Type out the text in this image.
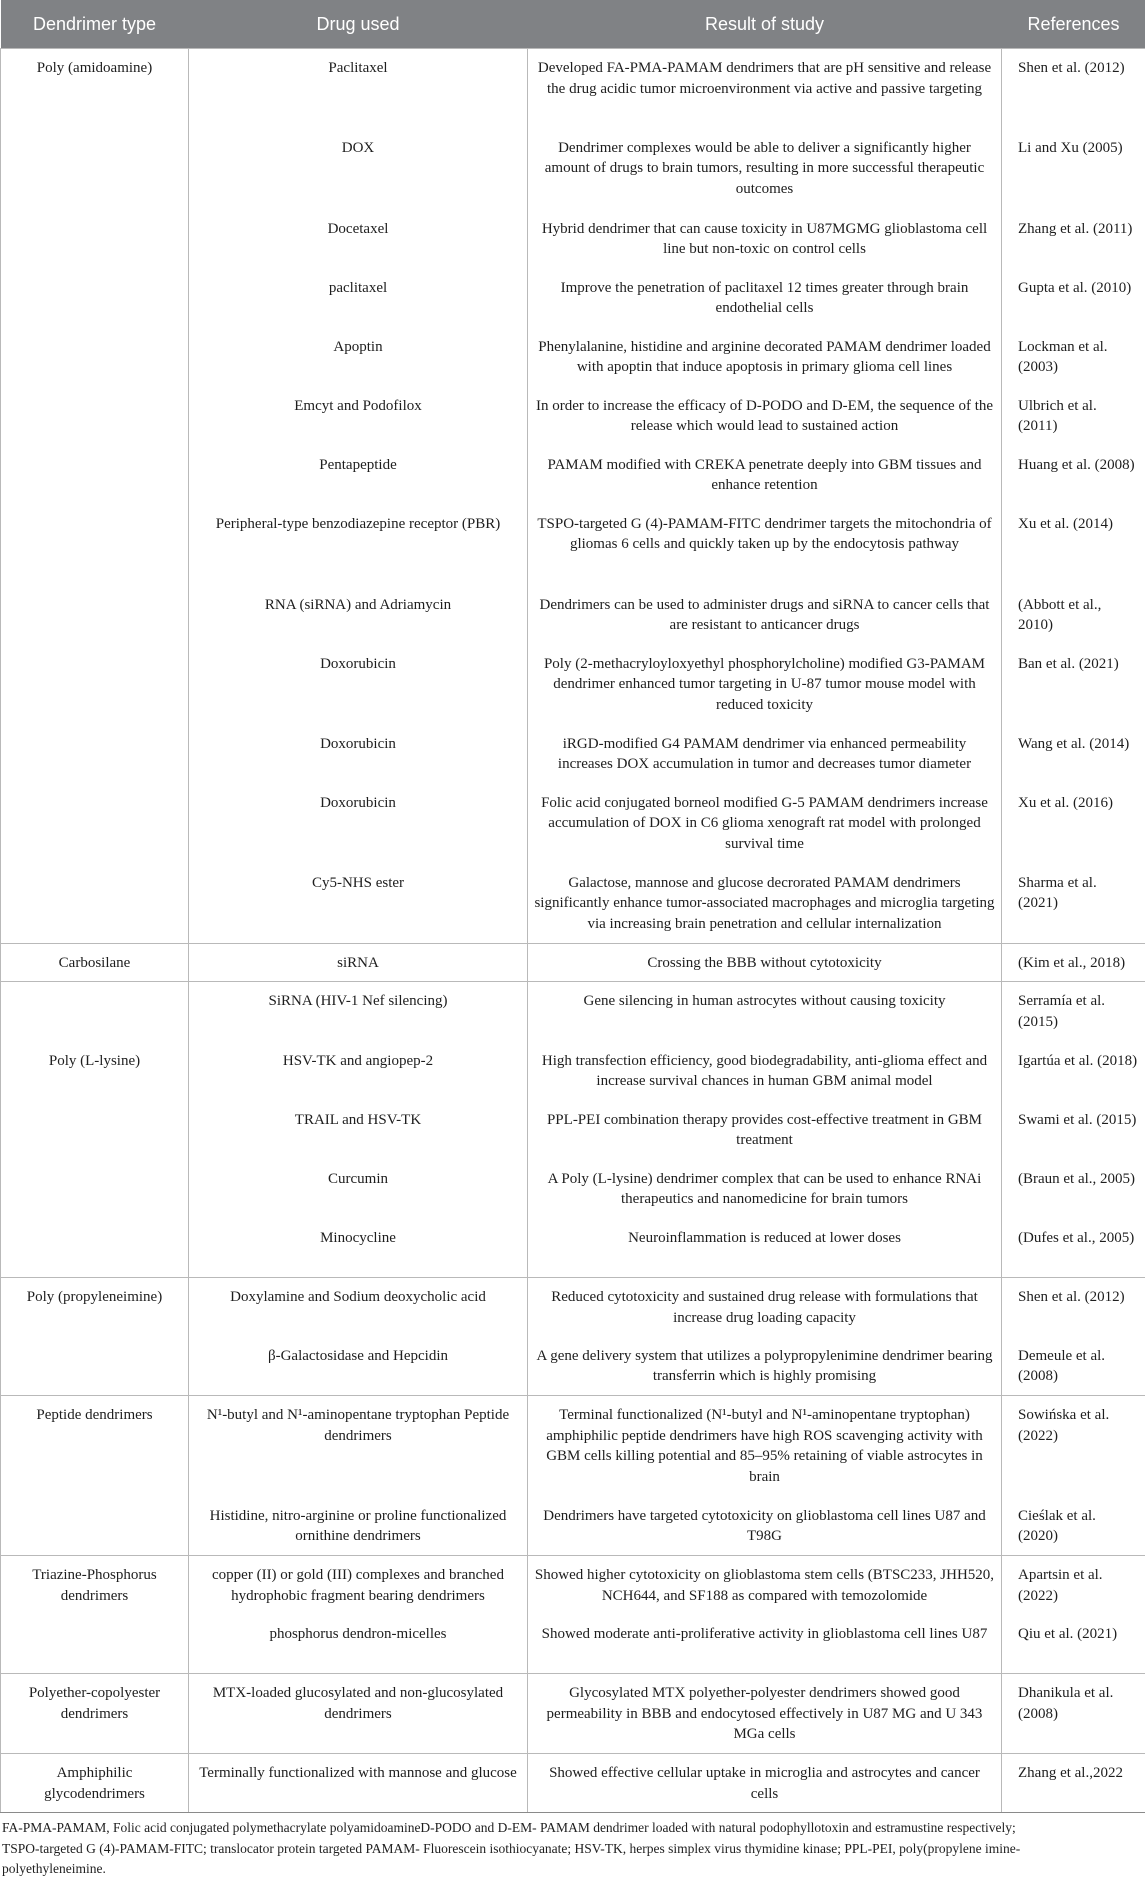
Dendrimer type	Drug used	Result of study	References
Poly (amidoamine)	Paclitaxel	Developed FA-PMA-PAMAM dendrimers that are pH sensitive and release the drug acidic tumor microenvironment via active and passive targeting	Shen et al. (2012)
	DOX	Dendrimer complexes would be able to deliver a significantly higher amount of drugs to brain tumors, resulting in more successful therapeutic outcomes	Li and Xu (2005)
	Docetaxel	Hybrid dendrimer that can cause toxicity in U87MGMG glioblastoma cell line but non-toxic on control cells	Zhang et al. (2011)
	paclitaxel	Improve the penetration of paclitaxel 12 times greater through brain endothelial cells	Gupta et al. (2010)
	Apoptin	Phenylalanine, histidine and arginine decorated PAMAM dendrimer loaded with apoptin that induce apoptosis in primary glioma cell lines	Lockman et al. (2003)
	Emcyt and Podofilox	In order to increase the efficacy of D-PODO and D-EM, the sequence of the release which would lead to sustained action	Ulbrich et al. (2011)
	Pentapeptide	PAMAM modified with CREKA penetrate deeply into GBM tissues and enhance retention	Huang et al. (2008)
	Peripheral-type benzodiazepine receptor (PBR)	TSPO-targeted G (4)-PAMAM-FITC dendrimer targets the mitochondria of gliomas 6 cells and quickly taken up by the endocytosis pathway	Xu et al. (2014)
	RNA (siRNA) and Adriamycin	Dendrimers can be used to administer drugs and siRNA to cancer cells that are resistant to anticancer drugs	(Abbott et al., 2010)
	Doxorubicin	Poly (2-methacryloyloxyethyl phosphorylcholine) modified G3-PAMAM dendrimer enhanced tumor targeting in U-87 tumor mouse model with reduced toxicity	Ban et al. (2021)
	Doxorubicin	iRGD-modified G4 PAMAM dendrimer via enhanced permeability increases DOX accumulation in tumor and decreases tumor diameter	Wang et al. (2014)
	Doxorubicin	Folic acid conjugated borneol modified G-5 PAMAM dendrimers increase accumulation of DOX in C6 glioma xenograft rat model with prolonged survival time	Xu et al. (2016)
	Cy5-NHS ester	Galactose, mannose and glucose decrorated PAMAM dendrimers significantly enhance tumor-associated macrophages and microglia targeting via increasing brain penetration and cellular internalization	Sharma et al. (2021)
Carbosilane	siRNA	Crossing the BBB without cytotoxicity	(Kim et al., 2018)
	SiRNA (HIV-1 Nef silencing)	Gene silencing in human astrocytes without causing toxicity	Serramía et al. (2015)
Poly (L-lysine)	HSV-TK and angiopep-2	High transfection efficiency, good biodegradability, anti-glioma effect and increase survival chances in human GBM animal model	Igartúa et al. (2018)
	TRAIL and HSV-TK	PPL-PEI combination therapy provides cost-effective treatment in GBM treatment	Swami et al. (2015)
	Curcumin	A Poly (L-lysine) dendrimer complex that can be used to enhance RNAi therapeutics and nanomedicine for brain tumors	(Braun et al., 2005)
	Minocycline	Neuroinflammation is reduced at lower doses	(Dufes et al., 2005)
Poly (propyleneimine)	Doxylamine and Sodium deoxycholic acid	Reduced cytotoxicity and sustained drug release with formulations that increase drug loading capacity	Shen et al. (2012)
	β-Galactosidase and Hepcidin	A gene delivery system that utilizes a polypropylenimine dendrimer bearing transferrin which is highly promising	Demeule et al. (2008)
Peptide dendrimers	N¹-butyl and N¹-aminopentane tryptophan Peptide dendrimers	Terminal functionalized (N¹-butyl and N¹-aminopentane tryptophan) amphiphilic peptide dendrimers have high ROS scavenging activity with GBM cells killing potential and 85–95% retaining of viable astrocytes in brain	Sowińska et al. (2022)
	Histidine, nitro-arginine or proline functionalized ornithine dendrimers	Dendrimers have targeted cytotoxicity on glioblastoma cell lines U87 and T98G	Cieślak et al. (2020)
Triazine-Phosphorus dendrimers	copper (II) or gold (III) complexes and branched hydrophobic fragment bearing dendrimers	Showed higher cytotoxicity on glioblastoma stem cells (BTSC233, JHH520, NCH644, and SF188 as compared with temozolomide	Apartsin et al. (2022)
	phosphorus dendron-micelles	Showed moderate anti-proliferative activity in glioblastoma cell lines U87	Qiu et al. (2021)
Polyether-copolyester dendrimers	MTX-loaded glucosylated and non-glucosylated dendrimers	Glycosylated MTX polyether-polyester dendrimers showed good permeability in BBB and endocytosed effectively in U87 MG and U 343 MGa cells	Dhanikula et al. (2008)
Amphiphilic glycodendrimers	Terminally functionalized with mannose and glucose	Showed effective cellular uptake in microglia and astrocytes and cancer cells	Zhang et al.,2022
FA-PMA-PAMAM, Folic acid conjugated polymethacrylate polyamidoamineD-PODO and D-EM- PAMAM dendrimer loaded with natural podophyllotoxin and estramustine respectively;
TSPO-targeted G (4)-PAMAM-FITC; translocator protein targeted PAMAM- Fluorescein isothiocyanate; HSV-TK, herpes simplex virus thymidine kinase; PPL-PEI, poly(propylene imine-
polyethyleneimine.
